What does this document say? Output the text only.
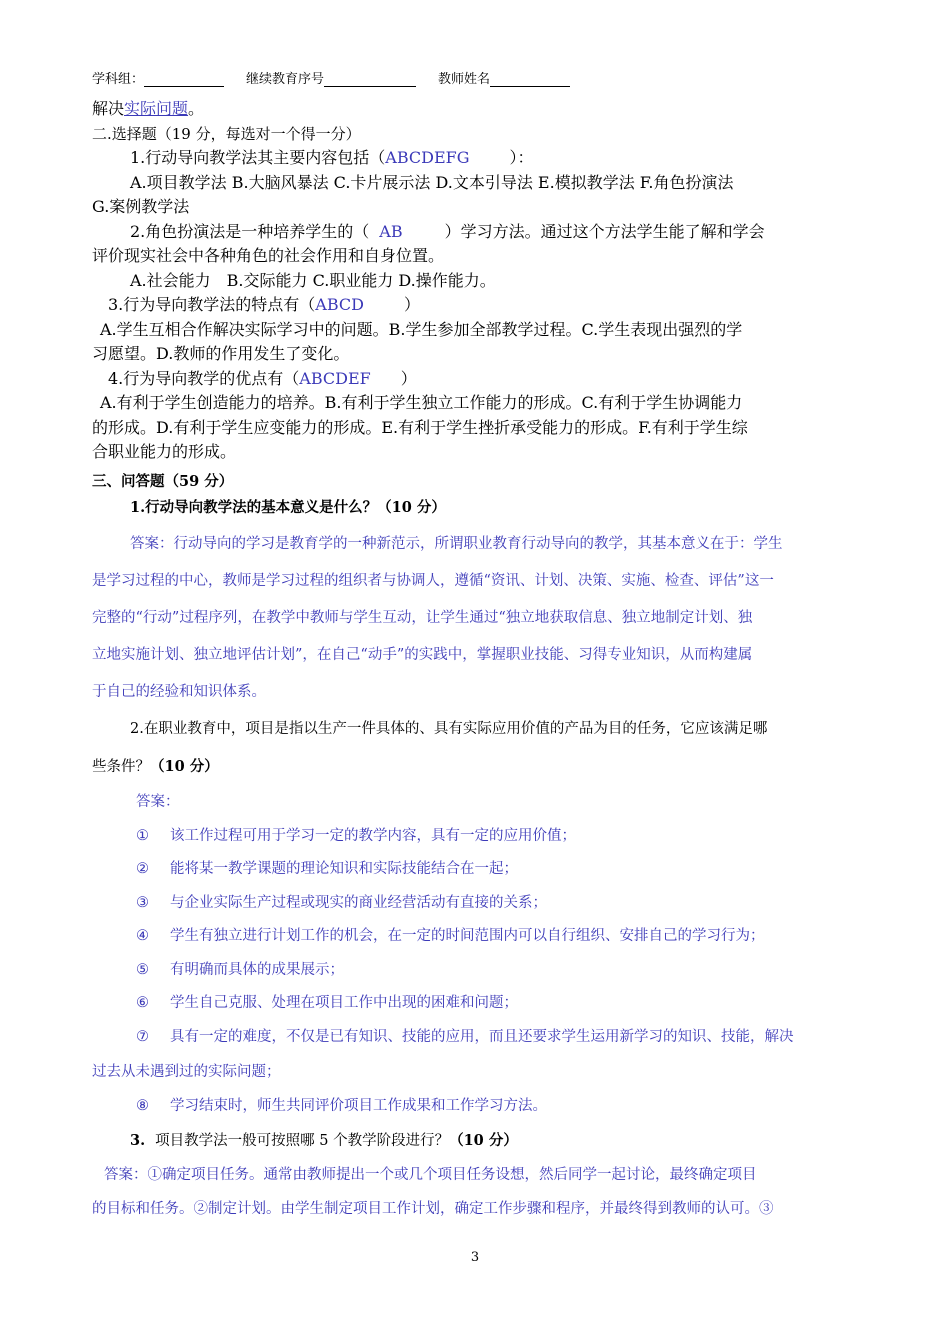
学科组：	继续教育序号	教师姓名
解决实际问题。
二.选择题（19 分，每选对一个得一分）
1.行动导向教学法其主要内容包括（ABCDEFG	）：
A.项目教学法 B.大脑风暴法 C.卡片展示法 D.文本引导法 E.模拟教学法 F.角色扮演法
G.案例教学法
2.角色扮演法是一种培养学生的（ AB	）学习方法。通过这个方法学生能了解和学会
评价现实社会中各种角色的社会作用和自身位置。
A.社会能力　B.交际能力 C.职业能力 D.操作能力。
3.行为导向教学法的特点有（ABCD	）
A.学生互相合作解决实际学习中的问题。B.学生参加全部教学过程。C.学生表现出强烈的学
习愿望。D.教师的作用发生了变化。
4.行为导向教学的优点有（ABCDEF ）
A.有利于学生创造能力的培养。B.有利于学生独立工作能力的形成。C.有利于学生协调能力
的形成。D.有利于学生应变能力的形成。E.有利于学生挫折承受能力的形成。F.有利于学生综
合职业能力的形成。
三、问答题（59 分）
1.行动导向教学法的基本意义是什么？（10 分）
答案：行动导向的学习是教育学的一种新范示，所谓职业教育行动导向的教学，其基本意义在于：学生
是学习过程的中心，教师是学习过程的组织者与协调人，遵循“资讯、计划、决策、实施、检查、评估”这一
完整的“行动”过程序列，在教学中教师与学生互动，让学生通过“独立地获取信息、独立地制定计划、独
立地实施计划、独立地评估计划”，在自己“动手”的实践中，掌握职业技能、习得专业知识，从而构建属
于自己的经验和知识体系。
2.在职业教育中，项目是指以生产一件具体的、具有实际应用价值的产品为目的任务，它应该满足哪
些条件？（10 分）
答案：
①	该工作过程可用于学习一定的教学内容，具有一定的应用价值；
②	能将某一教学课题的理论知识和实际技能结合在一起；
③	与企业实际生产过程或现实的商业经营活动有直接的关系；
④	学生有独立进行计划工作的机会，在一定的时间范围内可以自行组织、安排自己的学习行为；
⑤	有明确而具体的成果展示；
⑥	学生自己克服、处理在项目工作中出现的困难和问题；
⑦	具有一定的难度，不仅是已有知识、技能的应用，而且还要求学生运用新学习的知识、技能，解决
过去从未遇到过的实际问题；
⑧	学习结束时，师生共同评价项目工作成果和工作学习方法。
3. 项目教学法一般可按照哪 5 个教学阶段进行？（10 分）
答案：①确定项目任务。通常由教师提出一个或几个项目任务设想，然后同学一起讨论，最终确定项目
的目标和任务。②制定计划。由学生制定项目工作计划，确定工作步骤和程序，并最终得到教师的认可。③
3
